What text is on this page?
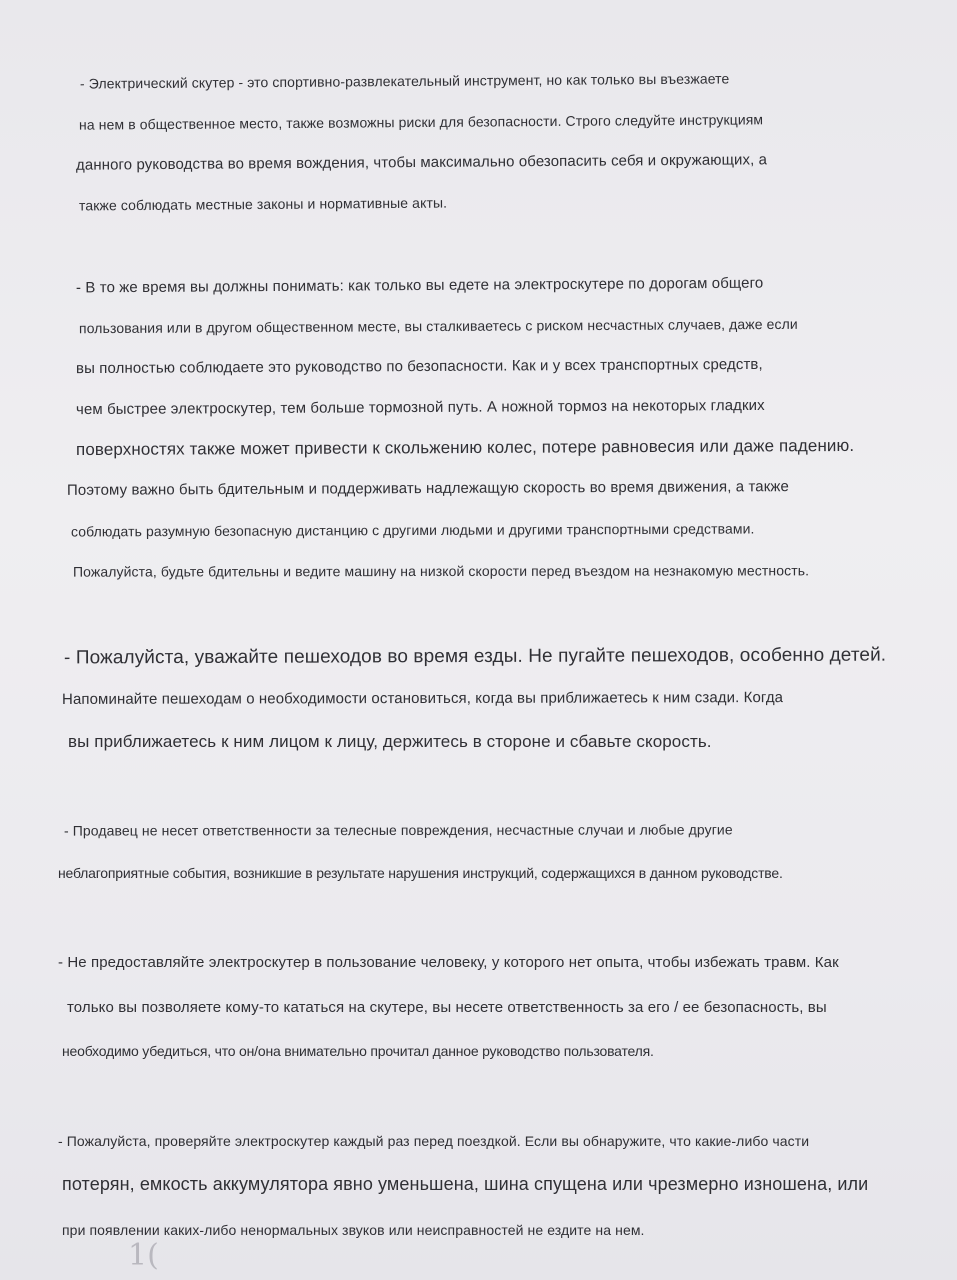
- Электрический скутер - это спортивно-развлекательный инструмент, но как только вы въезжаете
на нем в общественное место, также возможны риски для безопасности. Строго следуйте инструкциям
данного руководства во время вождения, чтобы максимально обезопасить себя и окружающих, а
также соблюдать местные законы и нормативные акты.
- В то же время вы должны понимать: как только вы едете на электроскутере по дорогам общего
пользования или в другом общественном месте, вы сталкиваетесь с риском несчастных случаев, даже если
вы полностью соблюдаете это руководство по безопасности. Как и у всех транспортных средств,
чем быстрее электроскутер, тем больше тормозной путь. А ножной тормоз на некоторых гладких
поверхностях также может привести к скольжению колес, потере равновесия или даже падению.
Поэтому важно быть бдительным и поддерживать надлежащую скорость во время движения, а также
соблюдать разумную безопасную дистанцию с другими людьми и другими транспортными средствами.
Пожалуйста, будьте бдительны и ведите машину на низкой скорости перед въездом на незнакомую местность.
- Пожалуйста, уважайте пешеходов во время езды. Не пугайте пешеходов, особенно детей.
Напоминайте пешеходам о необходимости остановиться, когда вы приближаетесь к ним сзади. Когда
вы приближаетесь к ним лицом к лицу, держитесь в стороне и сбавьте скорость.
- Продавец не несет ответственности за телесные повреждения, несчастные случаи и любые другие
неблагоприятные события, возникшие в результате нарушения инструкций, содержащихся в данном руководстве.
- Не предоставляйте электроскутер в пользование человеку, у которого нет опыта, чтобы избежать травм. Как
только вы позволяете кому-то кататься на скутере, вы несете ответственность за его / ее безопасность, вы
необходимо убедиться, что он/она внимательно прочитал данное руководство пользователя.
- Пожалуйста, проверяйте электроскутер каждый раз перед поездкой. Если вы обнаружите, что какие-либо части
потерян, емкость аккумулятора явно уменьшена, шина спущена или чрезмерно изношена, или
при появлении каких-либо ненормальных звуков или неисправностей не ездите на нем.
1(
